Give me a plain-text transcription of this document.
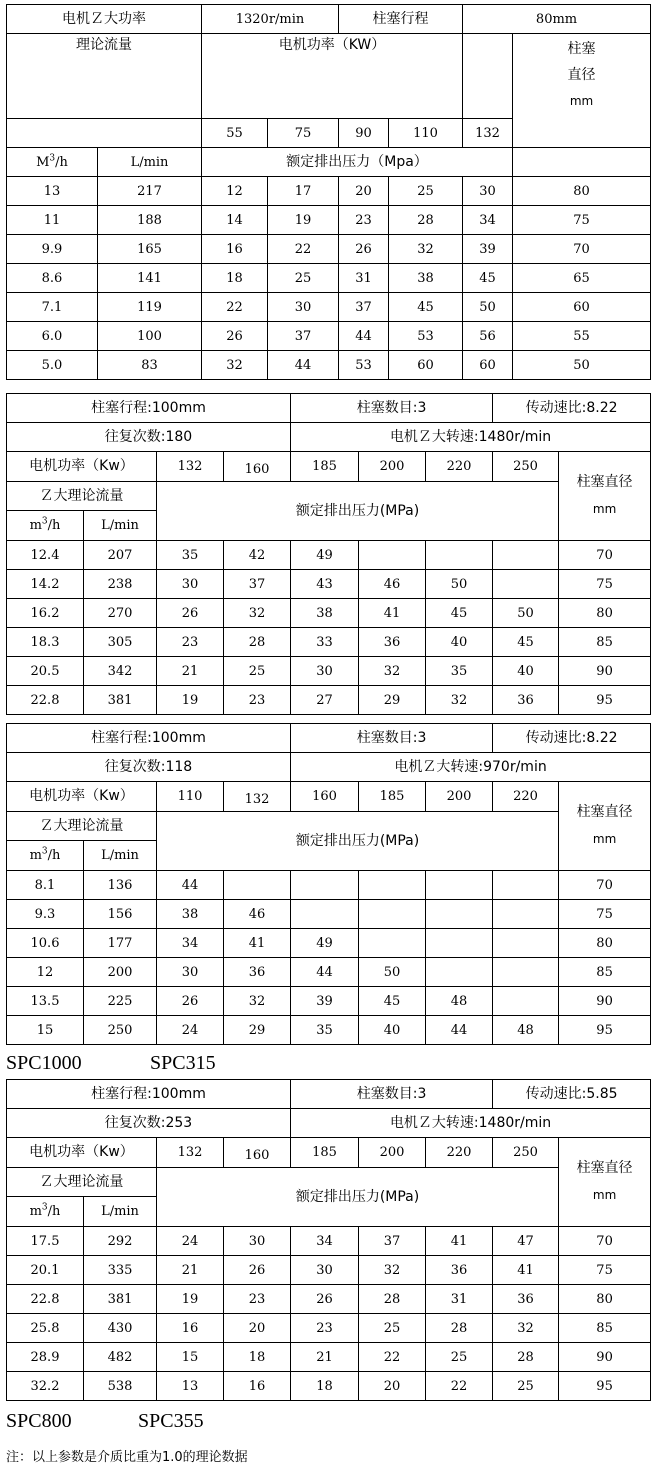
电机Ｚ大功率		1320r/min		柱塞行程		80mm	
理论流量		电机功率（KW）					柱塞
直径
mm

		55	75	90	110	132	
$M^3/h$	L/min	额定排出压力（Mpa）					
13	217	12	17	20	25	30	80
11	188	14	19	23	28	34	75
9.9	165	16	22	26	32	39	70
8.6	141	18	25	31	38	45	65
7.1	119	22	30	37	45	50	60
6.0	100	26	37	44	53	56	55
5.0	83	32	44	53	60	60	50
柱塞行程:100mm				柱塞数目:3			传动速比:8.22	
往复次数:180				电机Ｚ大转速:1480r/min				
电机功率（Kw）		132	160	185	200	220	250	柱塞直径
mm

Ｚ大理论流量		额定排出压力(MPa)						
$m^3/h$	L/min							
12.4	207	35	42	49				70
14.2	238	30	37	43	46	50		75
16.2	270	26	32	38	41	45	50	80
18.3	305	23	28	33	36	40	45	85
20.5	342	21	25	30	32	35	40	90
22.8	381	19	23	27	29	32	36	95
柱塞行程:100mm				柱塞数目:3			传动速比:8.22	
往复次数:118				电机Ｚ大转速:970r/min				
电机功率（Kw）		110	132	160	185	200	220	柱塞直径
mm

Ｚ大理论流量		额定排出压力(MPa)						
$m^3/h$	L/min							
8.1	136	44						70
9.3	156	38	46					75
10.6	177	34	41	49				80
12	200	30	36	44	50			85
13.5	225	26	32	39	45	48		90
15	250	24	29	35	40	44	48	95
SPC1000	SPC315
柱塞行程:100mm				柱塞数目:3			传动速比:5.85	
往复次数:253				电机Ｚ大转速:1480r/min				
电机功率（Kw）		132	160	185	200	220	250	柱塞直径
mm

Ｚ大理论流量		额定排出压力(MPa)						
$m^3/h$	L/min							
17.5	292	24	30	34	37	41	47	70
20.1	335	21	26	30	32	36	41	75
22.8	381	19	23	26	28	31	36	80
25.8	430	16	20	23	25	28	32	85
28.9	482	15	18	21	22	25	28	90
32.2	538	13	16	18	20	22	25	95
SPC800	SPC355
注：以上参数是介质比重为1.0的理论数据
